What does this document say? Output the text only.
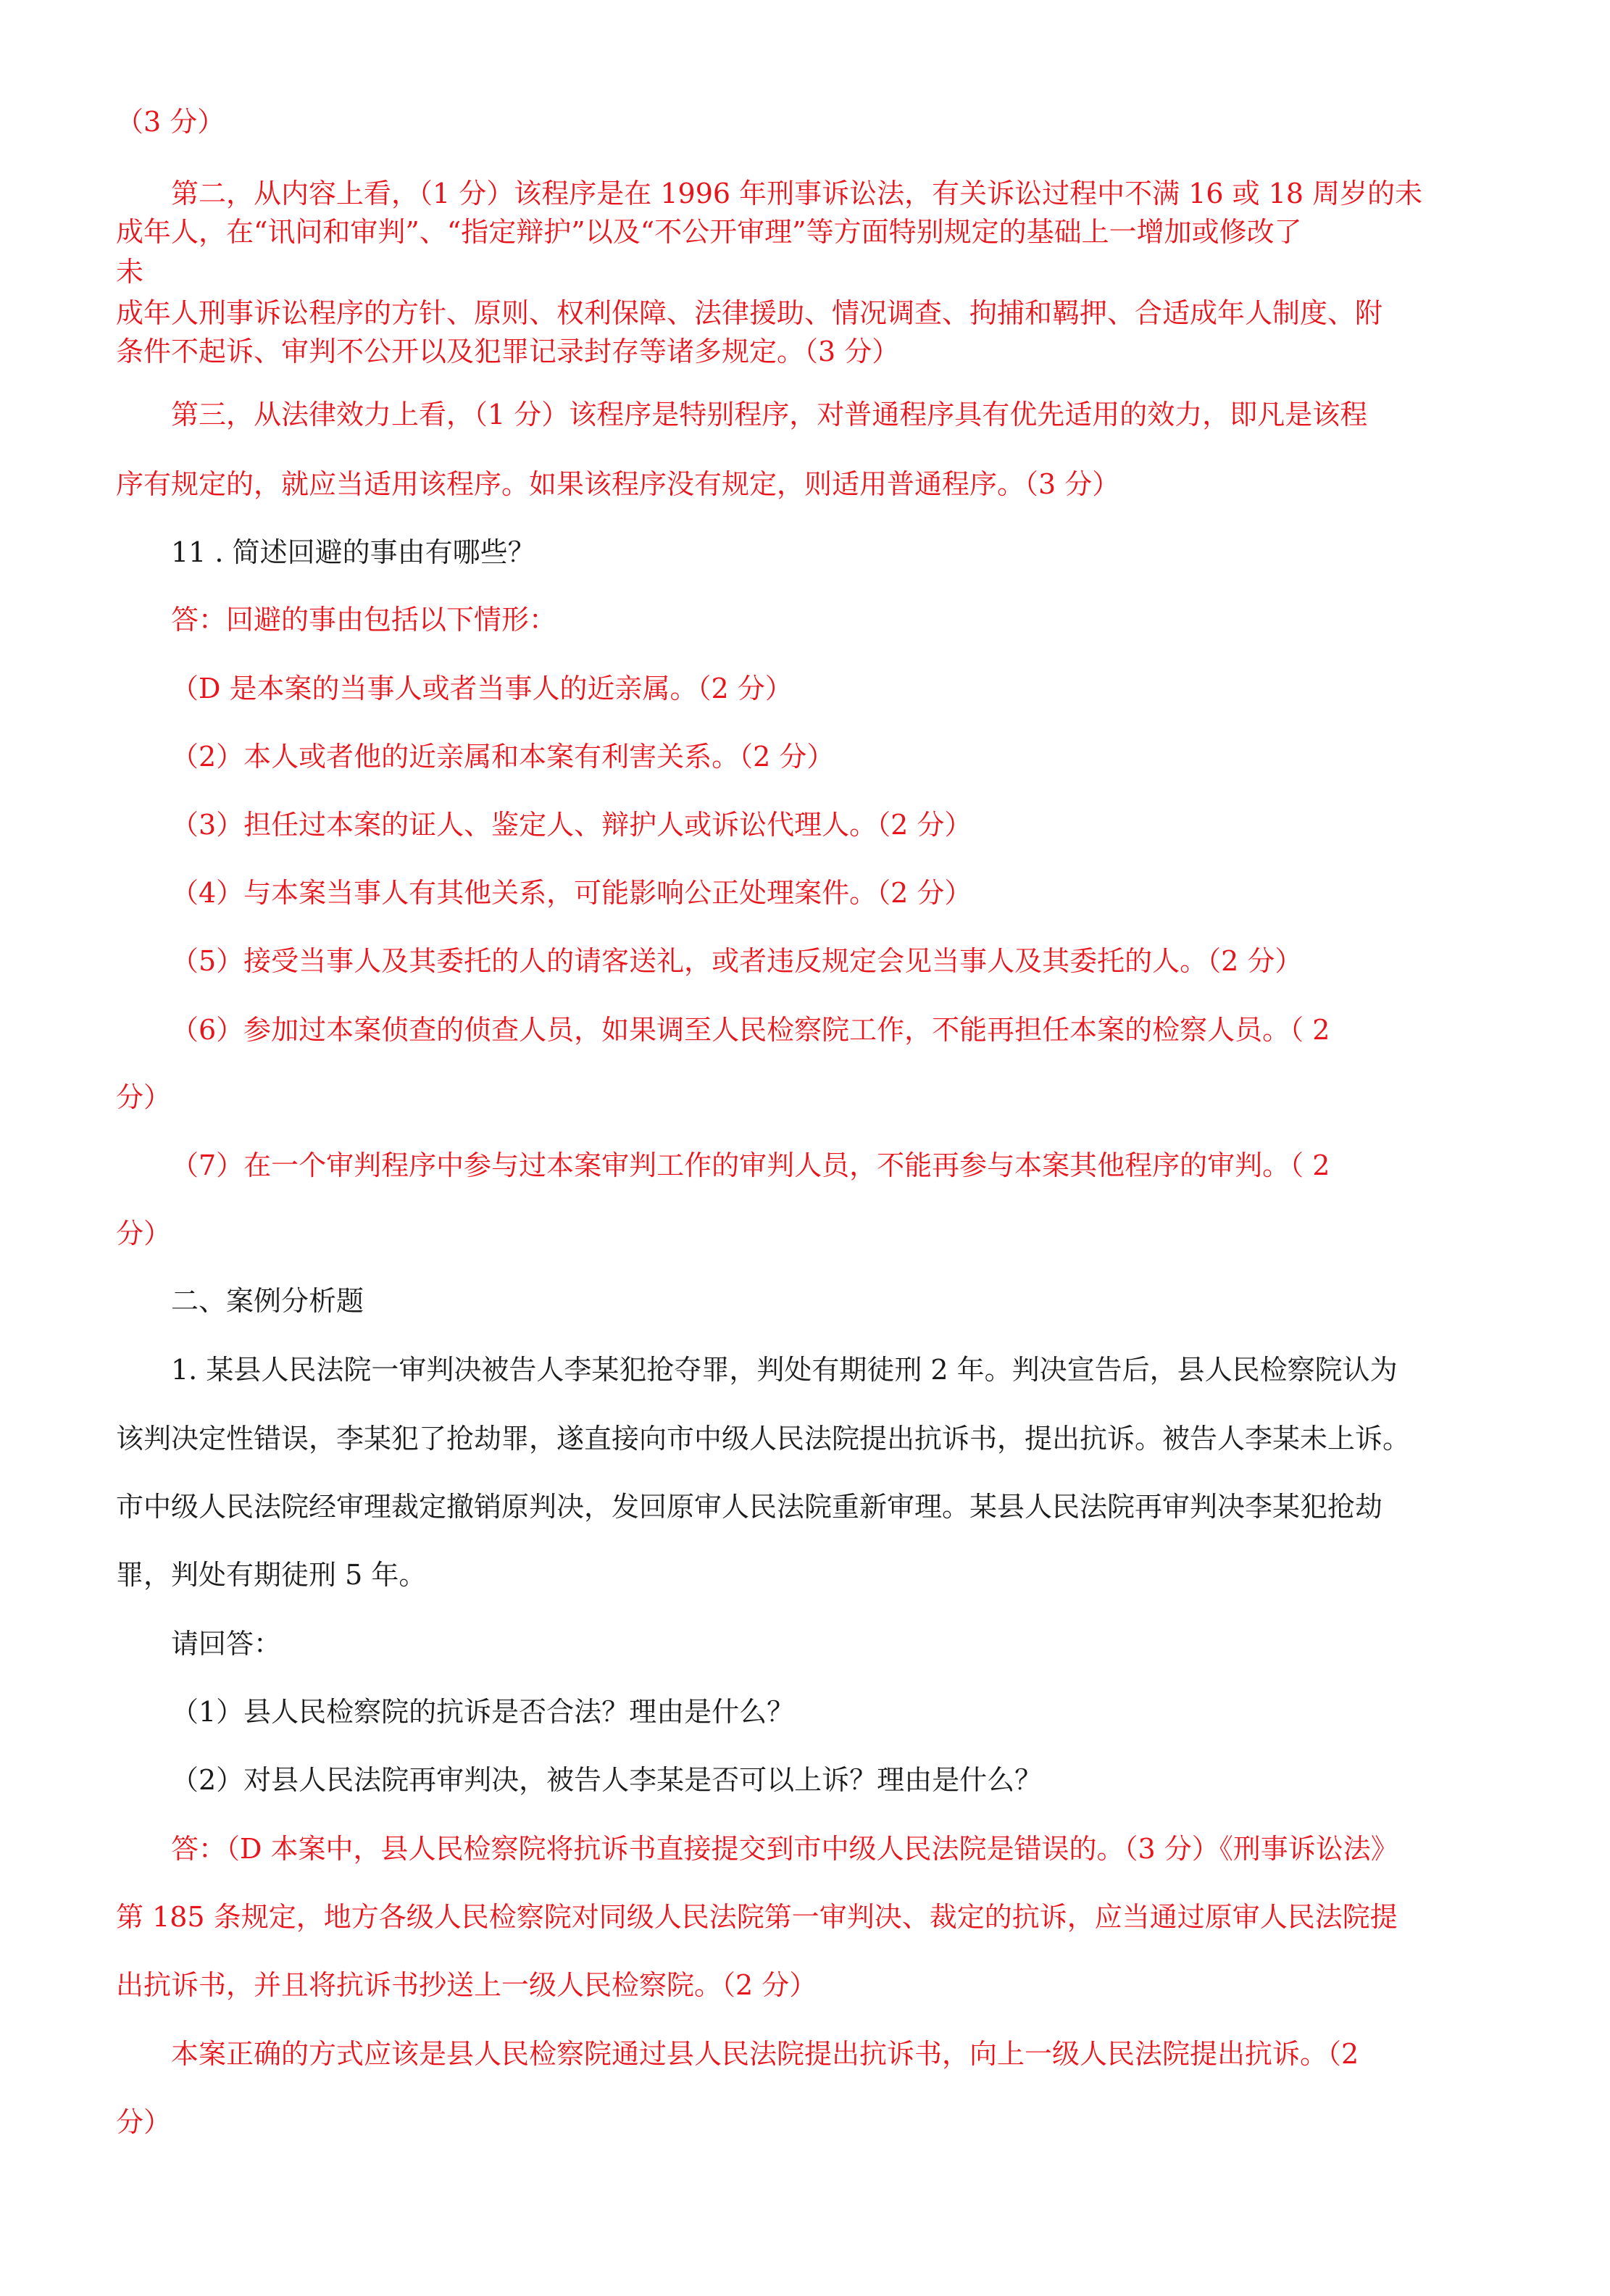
（3 分）

第二，从内容上看，（1 分）该程序是在 1996 年刑事诉讼法，有关诉讼过程中不满 16 或 18 周岁的未

成年人，在“讯问和审判”、“指定辩护”以及“不公开审理”等方面特别规定的基础上一增加或修改了

未

成年人刑事诉讼程序的方针、原则、权利保障、法律援助、情况调查、拘捕和羁押、合适成年人制度、附

条件不起诉、审判不公开以及犯罪记录封存等诸多规定。（3 分）

第三，从法律效力上看，（1 分）该程序是特别程序，对普通程序具有优先适用的效力，即凡是该程

序有规定的，就应当适用该程序。如果该程序没有规定，则适用普通程序。（3 分）

11 . 简述回避的事由有哪些？

答：回避的事由包括以下情形：

（D 是本案的当事人或者当事人的近亲属。（2 分）

（2）本人或者他的近亲属和本案有利害关系。（2 分）

（3）担任过本案的证人、鉴定人、辩护人或诉讼代理人。（2 分）

（4）与本案当事人有其他关系，可能影响公正处理案件。（2 分）

（5）接受当事人及其委托的人的请客送礼，或者违反规定会见当事人及其委托的人。（2 分）

（6）参加过本案侦查的侦查人员，如果调至人民检察院工作，不能再担任本案的检察人员。（ 2

分）

（7）在一个审判程序中参与过本案审判工作的审判人员，不能再参与本案其他程序的审判。（ 2

分）

二、案例分析题

1. 某县人民法院一审判决被告人李某犯抢夺罪，判处有期徒刑 2 年。判决宣告后，县人民检察院认为

该判决定性错误，李某犯了抢劫罪，遂直接向市中级人民法院提出抗诉书，提出抗诉。被告人李某未上诉。

市中级人民法院经审理裁定撤销原判决，发回原审人民法院重新审理。某县人民法院再审判决李某犯抢劫

罪，判处有期徒刑 5 年。

请回答：

（1）县人民检察院的抗诉是否合法？理由是什么？

（2）对县人民法院再审判决，被告人李某是否可以上诉？理由是什么？

答：（D 本案中，县人民检察院将抗诉书直接提交到市中级人民法院是错误的。（3 分）《刑事诉讼法》

第 185 条规定，地方各级人民检察院对同级人民法院第一审判决、裁定的抗诉，应当通过原审人民法院提

出抗诉书，并且将抗诉书抄送上一级人民检察院。（2 分）

本案正确的方式应该是县人民检察院通过县人民法院提出抗诉书，向上一级人民法院提出抗诉。（2

分）
